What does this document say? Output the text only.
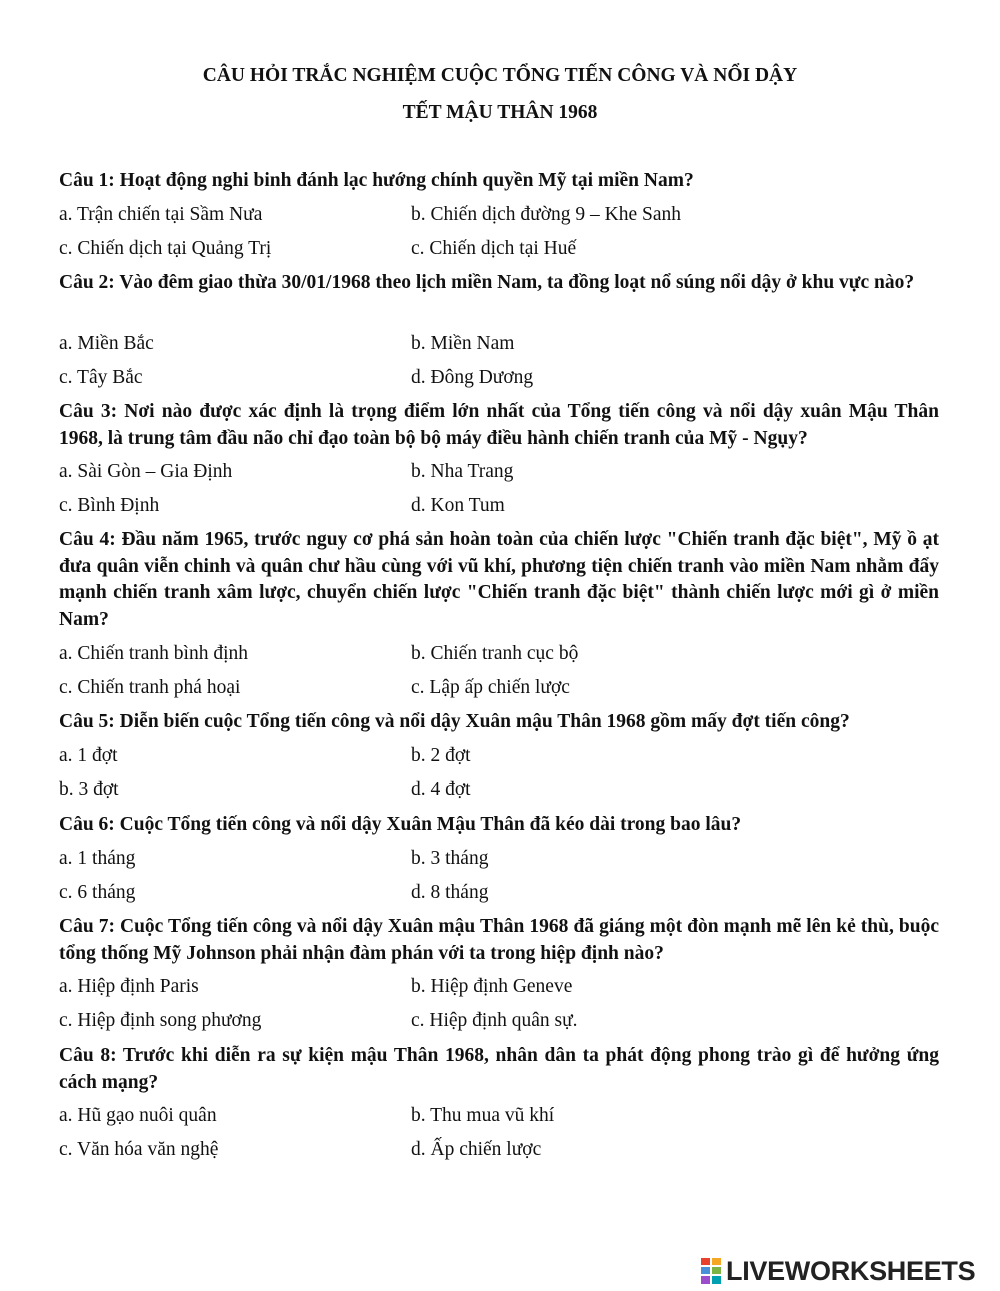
CÂU HỎI TRẮC NGHIỆM CUỘC TỔNG TIẾN CÔNG VÀ NỔI DẬY
TẾT MẬU THÂN 1968

Câu 1: Hoạt động nghi binh đánh lạc hướng chính quyền Mỹ tại miền Nam?

a. Trận chiến tại Sầm Nưa	b. Chiến dịch đường 9 – Khe Sanh

c. Chiến dịch tại Quảng Trị	c. Chiến dịch tại Huế

Câu 2: Vào đêm giao thừa 30/01/1968 theo lịch miền Nam, ta đồng loạt nổ súng nổi dậy ở khu vực nào?

a. Miền Bắc	b. Miền Nam

c. Tây Bắc	d. Đông Dương

Câu 3: Nơi nào được xác định là trọng điểm lớn nhất của Tổng tiến công và nổi dậy xuân Mậu Thân 1968, là trung tâm đầu não chỉ đạo toàn bộ bộ máy điều hành chiến tranh của Mỹ - Ngụy?

a. Sài Gòn – Gia Định	b. Nha Trang

c. Bình Định	d. Kon Tum

Câu 4: Đầu năm 1965, trước nguy cơ phá sản hoàn toàn của chiến lược "Chiến tranh đặc biệt", Mỹ ồ ạt đưa quân viễn chinh và quân chư hầu cùng với vũ khí, phương tiện chiến tranh vào miền Nam nhằm đẩy mạnh chiến tranh xâm lược, chuyển chiến lược "Chiến tranh đặc biệt" thành chiến lược mới gì ở miền Nam?

a. Chiến tranh bình định	b. Chiến tranh cục bộ

c. Chiến tranh phá hoại	c. Lập ấp chiến lược

Câu 5: Diễn biến cuộc Tổng tiến công và nổi dậy Xuân mậu Thân 1968 gồm mấy đợt tiến công?

a. 1 đợt	b. 2 đợt

b. 3 đợt	d. 4 đợt

Câu 6: Cuộc Tổng tiến công và nổi dậy Xuân Mậu Thân đã kéo dài trong bao lâu?

a. 1 tháng	b. 3 tháng

c. 6 tháng	d. 8 tháng

Câu 7: Cuộc Tổng tiến công và nổi dậy Xuân mậu Thân 1968 đã giáng một đòn mạnh mẽ lên kẻ thù, buộc tổng thống Mỹ Johnson phải nhận đàm phán với ta trong hiệp định nào?

a. Hiệp định Paris	b. Hiệp định Geneve

c. Hiệp định song phương	c. Hiệp định quân sự.

Câu 8: Trước khi diễn ra sự kiện mậu Thân 1968, nhân dân ta phát động phong trào gì để hưởng ứng cách mạng?

a. Hũ gạo nuôi quân	b. Thu mua vũ khí

c. Văn hóa văn nghệ	d. Ấp chiến lược

LIVEWORKSHEETS
